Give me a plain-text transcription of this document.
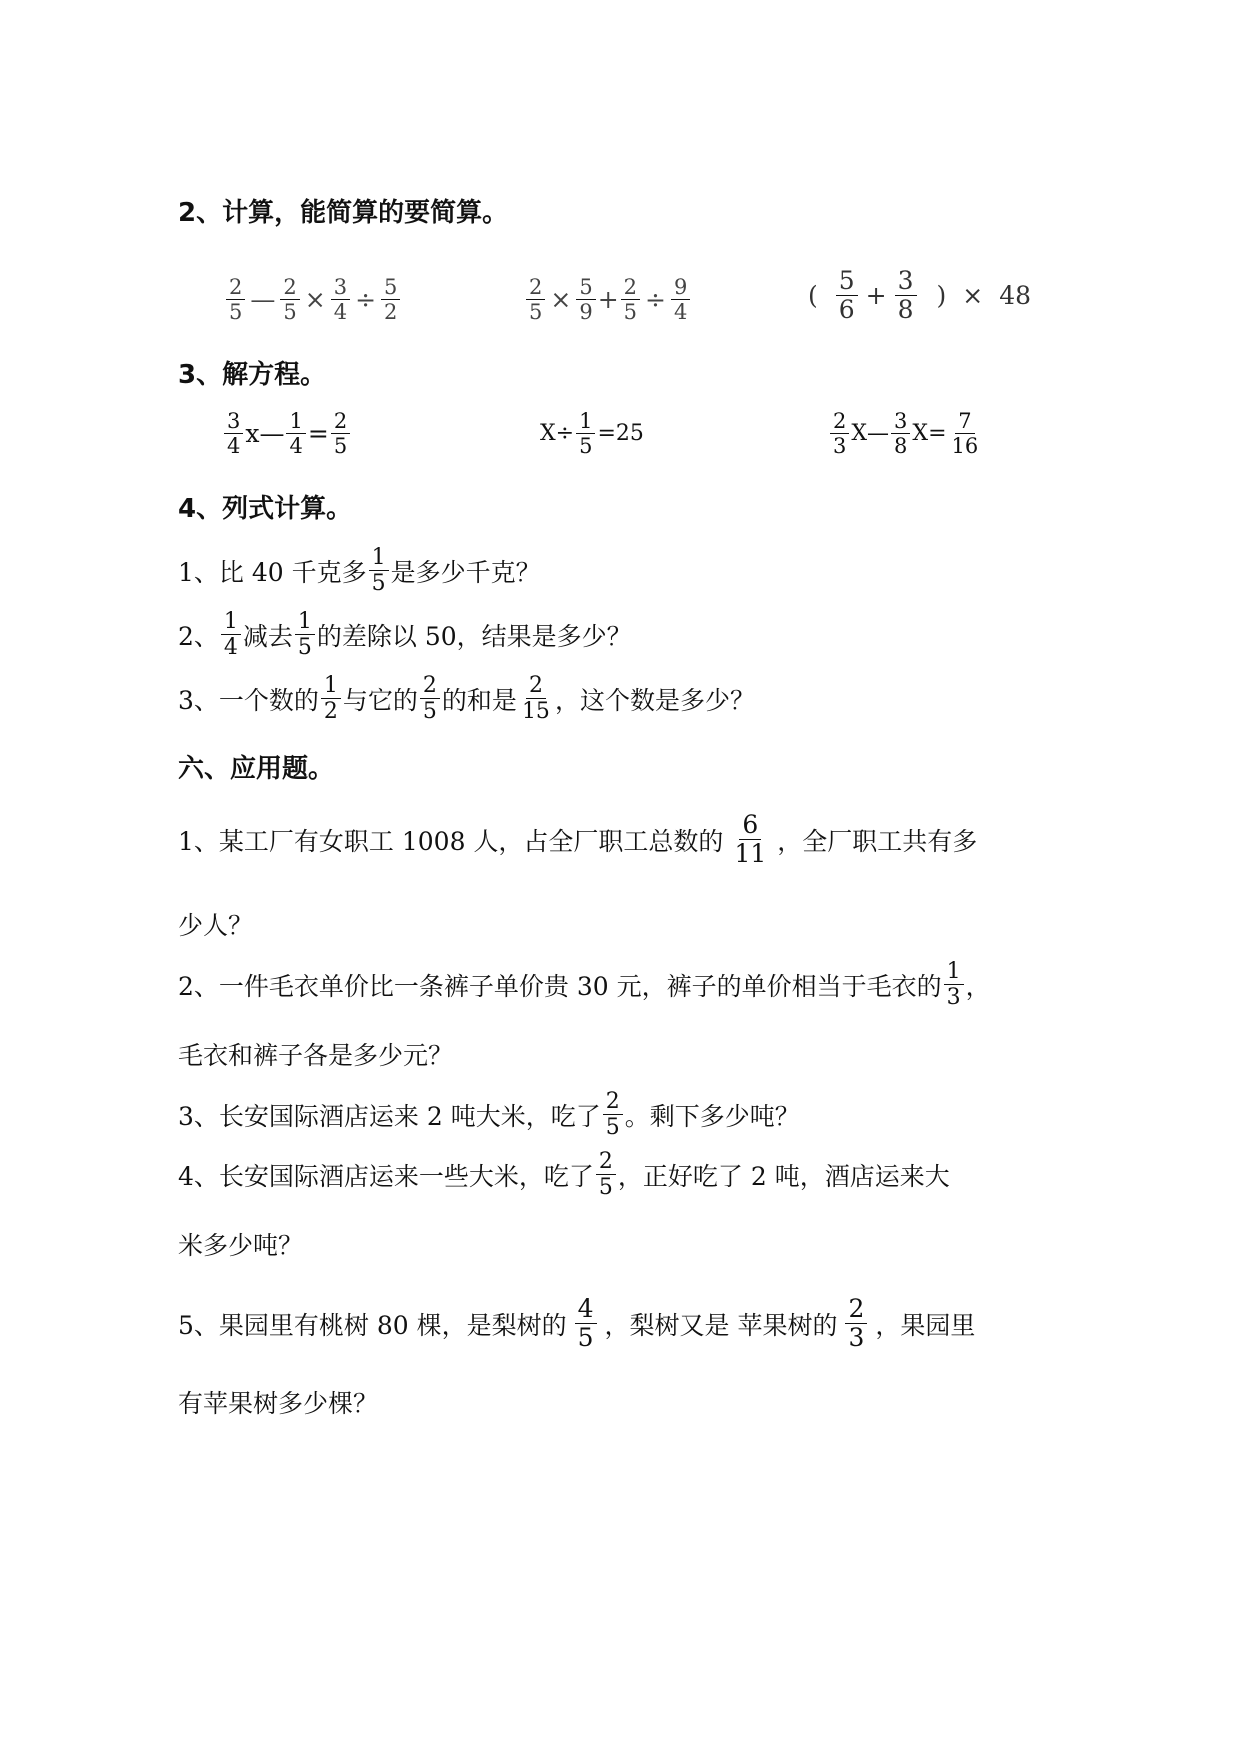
2、计算，能简算的要简算。
$\frac{2}{5}$ — $\frac{2}{5} \times \frac{3}{4} \div \frac{5}{2}$	$\frac{2}{5} \times \frac{5}{9} + \frac{2}{5} \div \frac{9}{4}$	( $\frac{5}{6} + \frac{3}{8}$ ) × 48
3、解方程。
$\frac{3}{4}$ x— $\frac{1}{4} = \frac{2}{5}$	$X\div \frac{1}{5} =25$	$\frac{2}{3}$ X— $\frac{3}{8} X= \frac{7}{16}$
4、列式计算。
1、比 40 千克多 $\frac{1}{5}$ 是多少千克？
2、 $\frac{1}{4}$ 减去 $\frac{1}{5}$ 的差除以 50，结果是多少？
3、一个数的 $\frac{1}{2}$ 与它的 $\frac{2}{5}$ 的和是 $\frac{2}{15}$ ，这个数是多少？
六、应用题。
1、某工厂有女职工 1008 人，占全厂职工总数的 $\frac{6}{11}$ ，全厂职工共有多
少人？
2、一件毛衣单价比一条裤子单价贵 30 元，裤子的单价相当于毛衣的 $\frac{1}{3}$ ，
毛衣和裤子各是多少元？
3、长安国际酒店运来 2 吨大米，吃了 $\frac{2}{5}$ 。剩下多少吨？
4、长安国际酒店运来一些大米，吃了 $\frac{2}{5}$ ，正好吃了 2 吨，酒店运来大
米多少吨？
5、果园里有桃树 80 棵，是梨树的 $\frac{4}{5}$ ，梨树又是 苹果树的 $\frac{2}{3}$ ，果园里
有苹果树多少棵？
